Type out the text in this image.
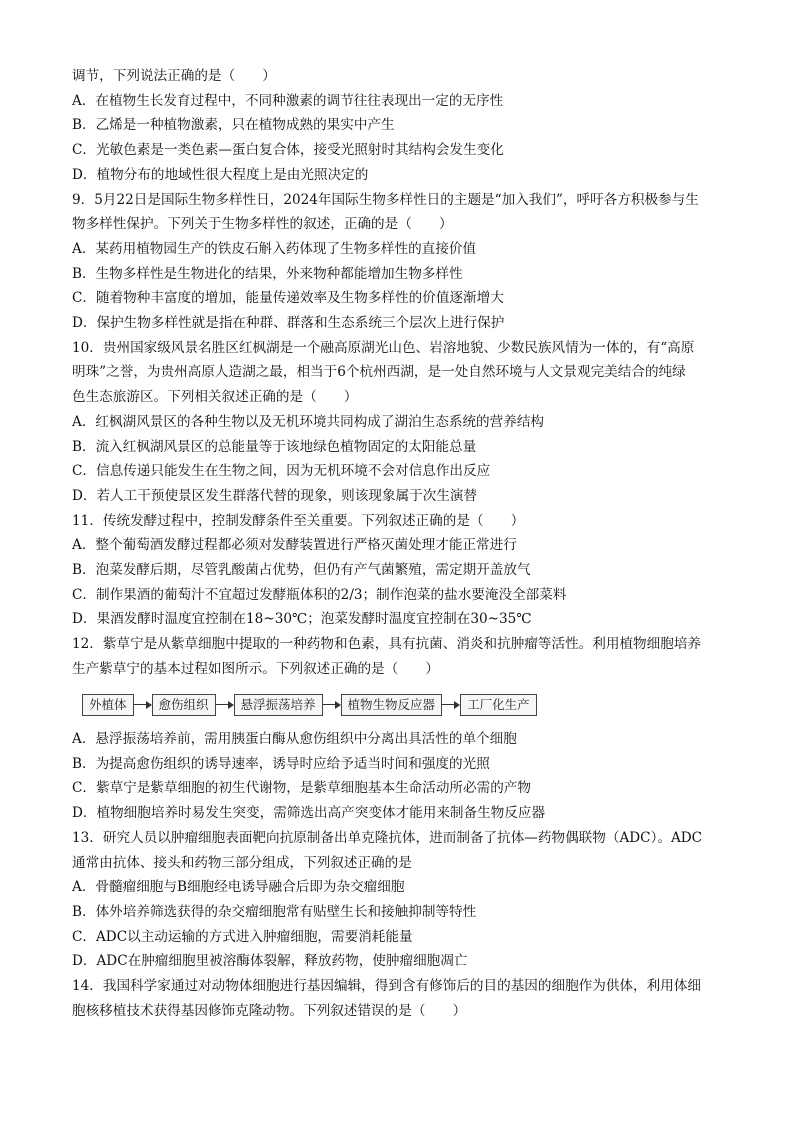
调节，下列说法正确的是（　　）
A．在植物生长发育过程中，不同种激素的调节往往表现出一定的无序性
B．乙烯是一种植物激素，只在植物成熟的果实中产生
C．光敏色素是一类色素—蛋白复合体，接受光照射时其结构会发生变化
D．植物分布的地域性很大程度上是由光照决定的
9．5月22日是国际生物多样性日，2024年国际生物多样性日的主题是“加入我们”，呼吁各方积极参与生
物多样性保护。下列关于生物多样性的叙述，正确的是（　　）
A．某药用植物园生产的铁皮石斛入药体现了生物多样性的直接价值
B．生物多样性是生物进化的结果，外来物种都能增加生物多样性
C．随着物种丰富度的增加，能量传递效率及生物多样性的价值逐渐增大
D．保护生物多样性就是指在种群、群落和生态系统三个层次上进行保护
10．贵州国家级风景名胜区红枫湖是一个融高原湖光山色、岩溶地貌、少数民族风情为一体的，有“高原
明珠”之誉，为贵州高原人造湖之最，相当于6个杭州西湖，是一处自然环境与人文景观完美结合的纯绿
色生态旅游区。下列相关叙述正确的是（　　）
A．红枫湖风景区的各种生物以及无机环境共同构成了湖泊生态系统的营养结构
B．流入红枫湖风景区的总能量等于该地绿色植物固定的太阳能总量
C．信息传递只能发生在生物之间，因为无机环境不会对信息作出反应
D．若人工干预使景区发生群落代替的现象，则该现象属于次生演替
11．传统发酵过程中，控制发酵条件至关重要。下列叙述正确的是（　　）
A．整个葡萄酒发酵过程都必须对发酵装置进行严格灭菌处理才能正常进行
B．泡菜发酵后期，尽管乳酸菌占优势，但仍有产气菌繁殖，需定期开盖放气
C．制作果酒的葡萄汁不宜超过发酵瓶体积的2/3；制作泡菜的盐水要淹没全部菜料
D．果酒发酵时温度宜控制在18~30℃；泡菜发酵时温度宜控制在30~35℃
12．紫草宁是从紫草细胞中提取的一种药物和色素，具有抗菌、消炎和抗肿瘤等活性。利用植物细胞培养
生产紫草宁的基本过程如图所示。下列叙述正确的是（　　）
A．悬浮振荡培养前，需用胰蛋白酶从愈伤组织中分离出具活性的单个细胞
B．为提高愈伤组织的诱导速率，诱导时应给予适当时间和强度的光照
C．紫草宁是紫草细胞的初生代谢物，是紫草细胞基本生命活动所必需的产物
D．植物细胞培养时易发生突变，需筛选出高产突变体才能用来制备生物反应器
13．研究人员以肿瘤细胞表面靶向抗原制备出单克隆抗体，进而制备了抗体—药物偶联物（ADC）。ADC
通常由抗体、接头和药物三部分组成，下列叙述正确的是
A．骨髓瘤细胞与B细胞经电诱导融合后即为杂交瘤细胞
B．体外培养筛选获得的杂交瘤细胞常有贴壁生长和接触抑制等特性
C．ADC以主动运输的方式进入肿瘤细胞，需要消耗能量
D．ADC在肿瘤细胞里被溶酶体裂解，释放药物，使肿瘤细胞凋亡
14．我国科学家通过对动物体细胞进行基因编辑，得到含有修饰后的目的基因的细胞作为供体，利用体细
胞核移植技术获得基因修饰克隆动物。下列叙述错误的是（　　）
外植体	愈伤组织	悬浮振荡培养	植物生物反应器	工厂化生产
